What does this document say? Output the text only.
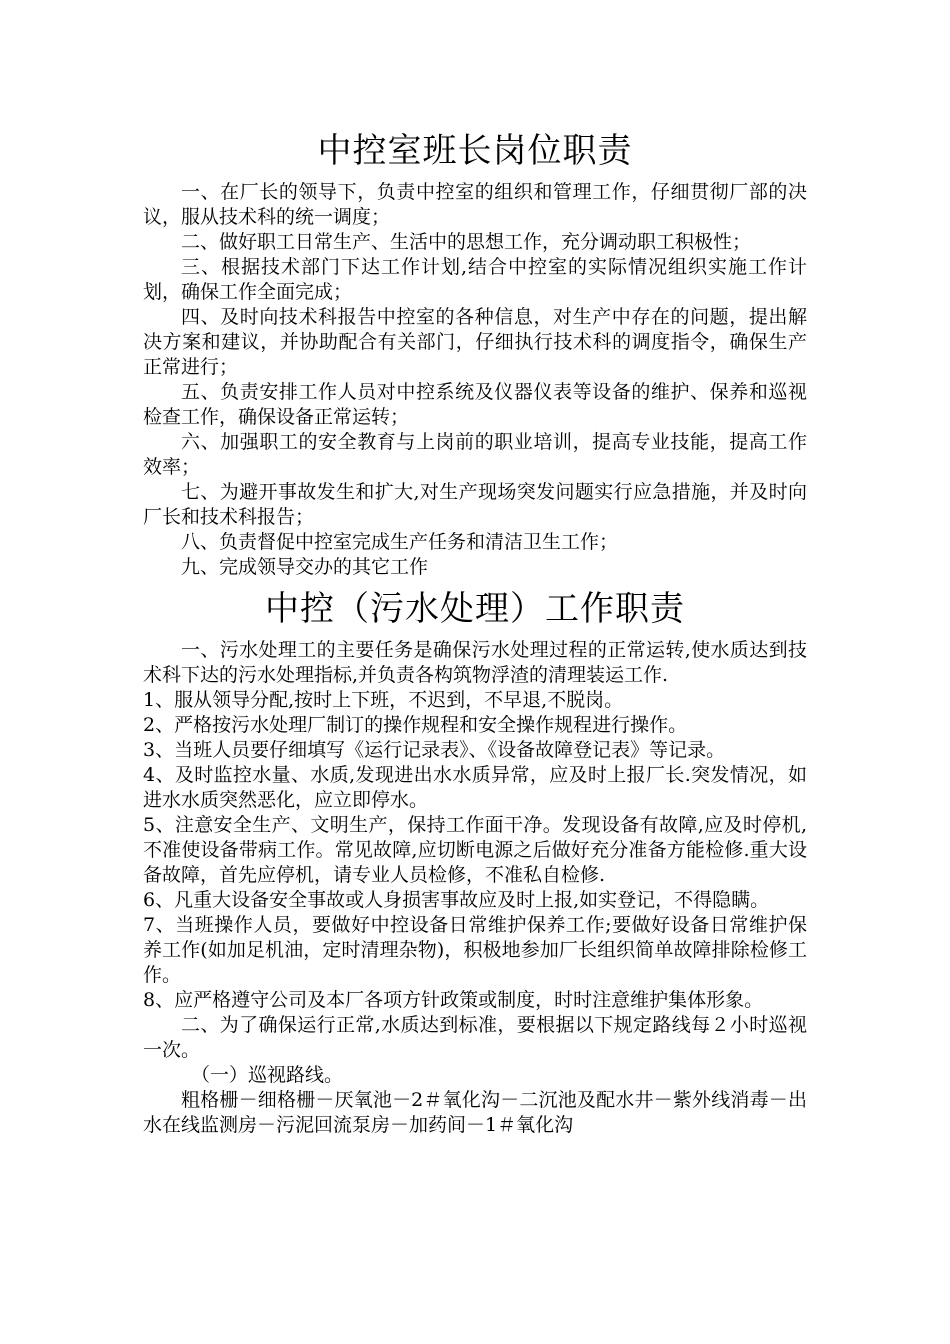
中控室班长岗位职责

一、在厂长的领导下，负责中控室的组织和管理工作，仔细贯彻厂部的决议，服从技术科的统一调度；

二、做好职工日常生产、生活中的思想工作，充分调动职工积极性；

三、根据技术部门下达工作计划,结合中控室的实际情况组织实施工作计划，确保工作全面完成；

四、及时向技术科报告中控室的各种信息，对生产中存在的问题，提出解决方案和建议，并协助配合有关部门，仔细执行技术科的调度指令，确保生产正常进行；

五、负责安排工作人员对中控系统及仪器仪表等设备的维护、保养和巡视检查工作，确保设备正常运转；

六、加强职工的安全教育与上岗前的职业培训，提高专业技能，提高工作效率；

七、为避开事故发生和扩大,对生产现场突发问题实行应急措施，并及时向厂长和技术科报告；

八、负责督促中控室完成生产任务和清洁卫生工作；

九、完成领导交办的其它工作

中控（污水处理）工作职责

一、污水处理工的主要任务是确保污水处理过程的正常运转,使水质达到技术科下达的污水处理指标,并负责各构筑物浮渣的清理装运工作.

1、服从领导分配,按时上下班，不迟到，不早退,不脱岗。

2、严格按污水处理厂制订的操作规程和安全操作规程进行操作。

3、当班人员要仔细填写《运行记录表》、《设备故障登记表》等记录。

4、及时监控水量、水质,发现进出水水质异常，应及时上报厂长.突发情况，如进水水质突然恶化，应立即停水。

5、注意安全生产、文明生产，保持工作面干净。发现设备有故障,应及时停机,不准使设备带病工作。常见故障,应切断电源之后做好充分准备方能检修.重大设备故障，首先应停机，请专业人员检修，不准私自检修.

6、凡重大设备安全事故或人身损害事故应及时上报,如实登记，不得隐瞒。

7、当班操作人员，要做好中控设备日常维护保养工作;要做好设备日常维护保养工作(如加足机油，定时清理杂物)，积极地参加厂长组织简单故障排除检修工作。

8、应严格遵守公司及本厂各项方针政策或制度，时时注意维护集体形象。

二、为了确保运行正常,水质达到标准，要根据以下规定路线每２小时巡视一次。

（一）巡视路线。

粗格栅－细格栅－厌氧池－2＃氧化沟－二沉池及配水井－紫外线消毒－出水在线监测房－污泥回流泵房－加药间－1＃氧化沟
